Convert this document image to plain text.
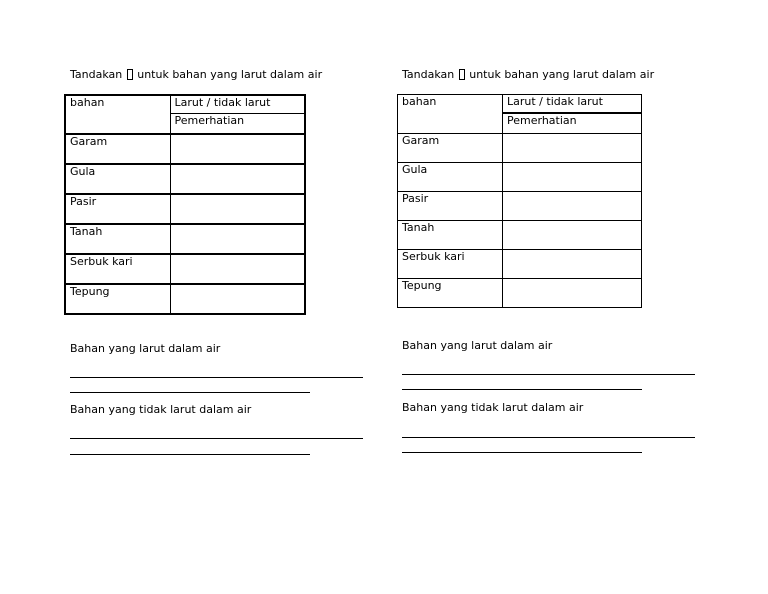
Tandakan untuk bahan yang larut dalam air
bahan	Larut / tidak larut
	Pemerhatian
Garam	
Gula	
Pasir	
Tanah	
Serbuk kari	
Tepung	
Bahan yang larut dalam air
Bahan yang tidak larut dalam air
Tandakan untuk bahan yang larut dalam air
bahan	Larut / tidak larut
	Pemerhatian
Garam	
Gula	
Pasir	
Tanah	
Serbuk kari	
Tepung	
Bahan yang larut dalam air
Bahan yang tidak larut dalam air
